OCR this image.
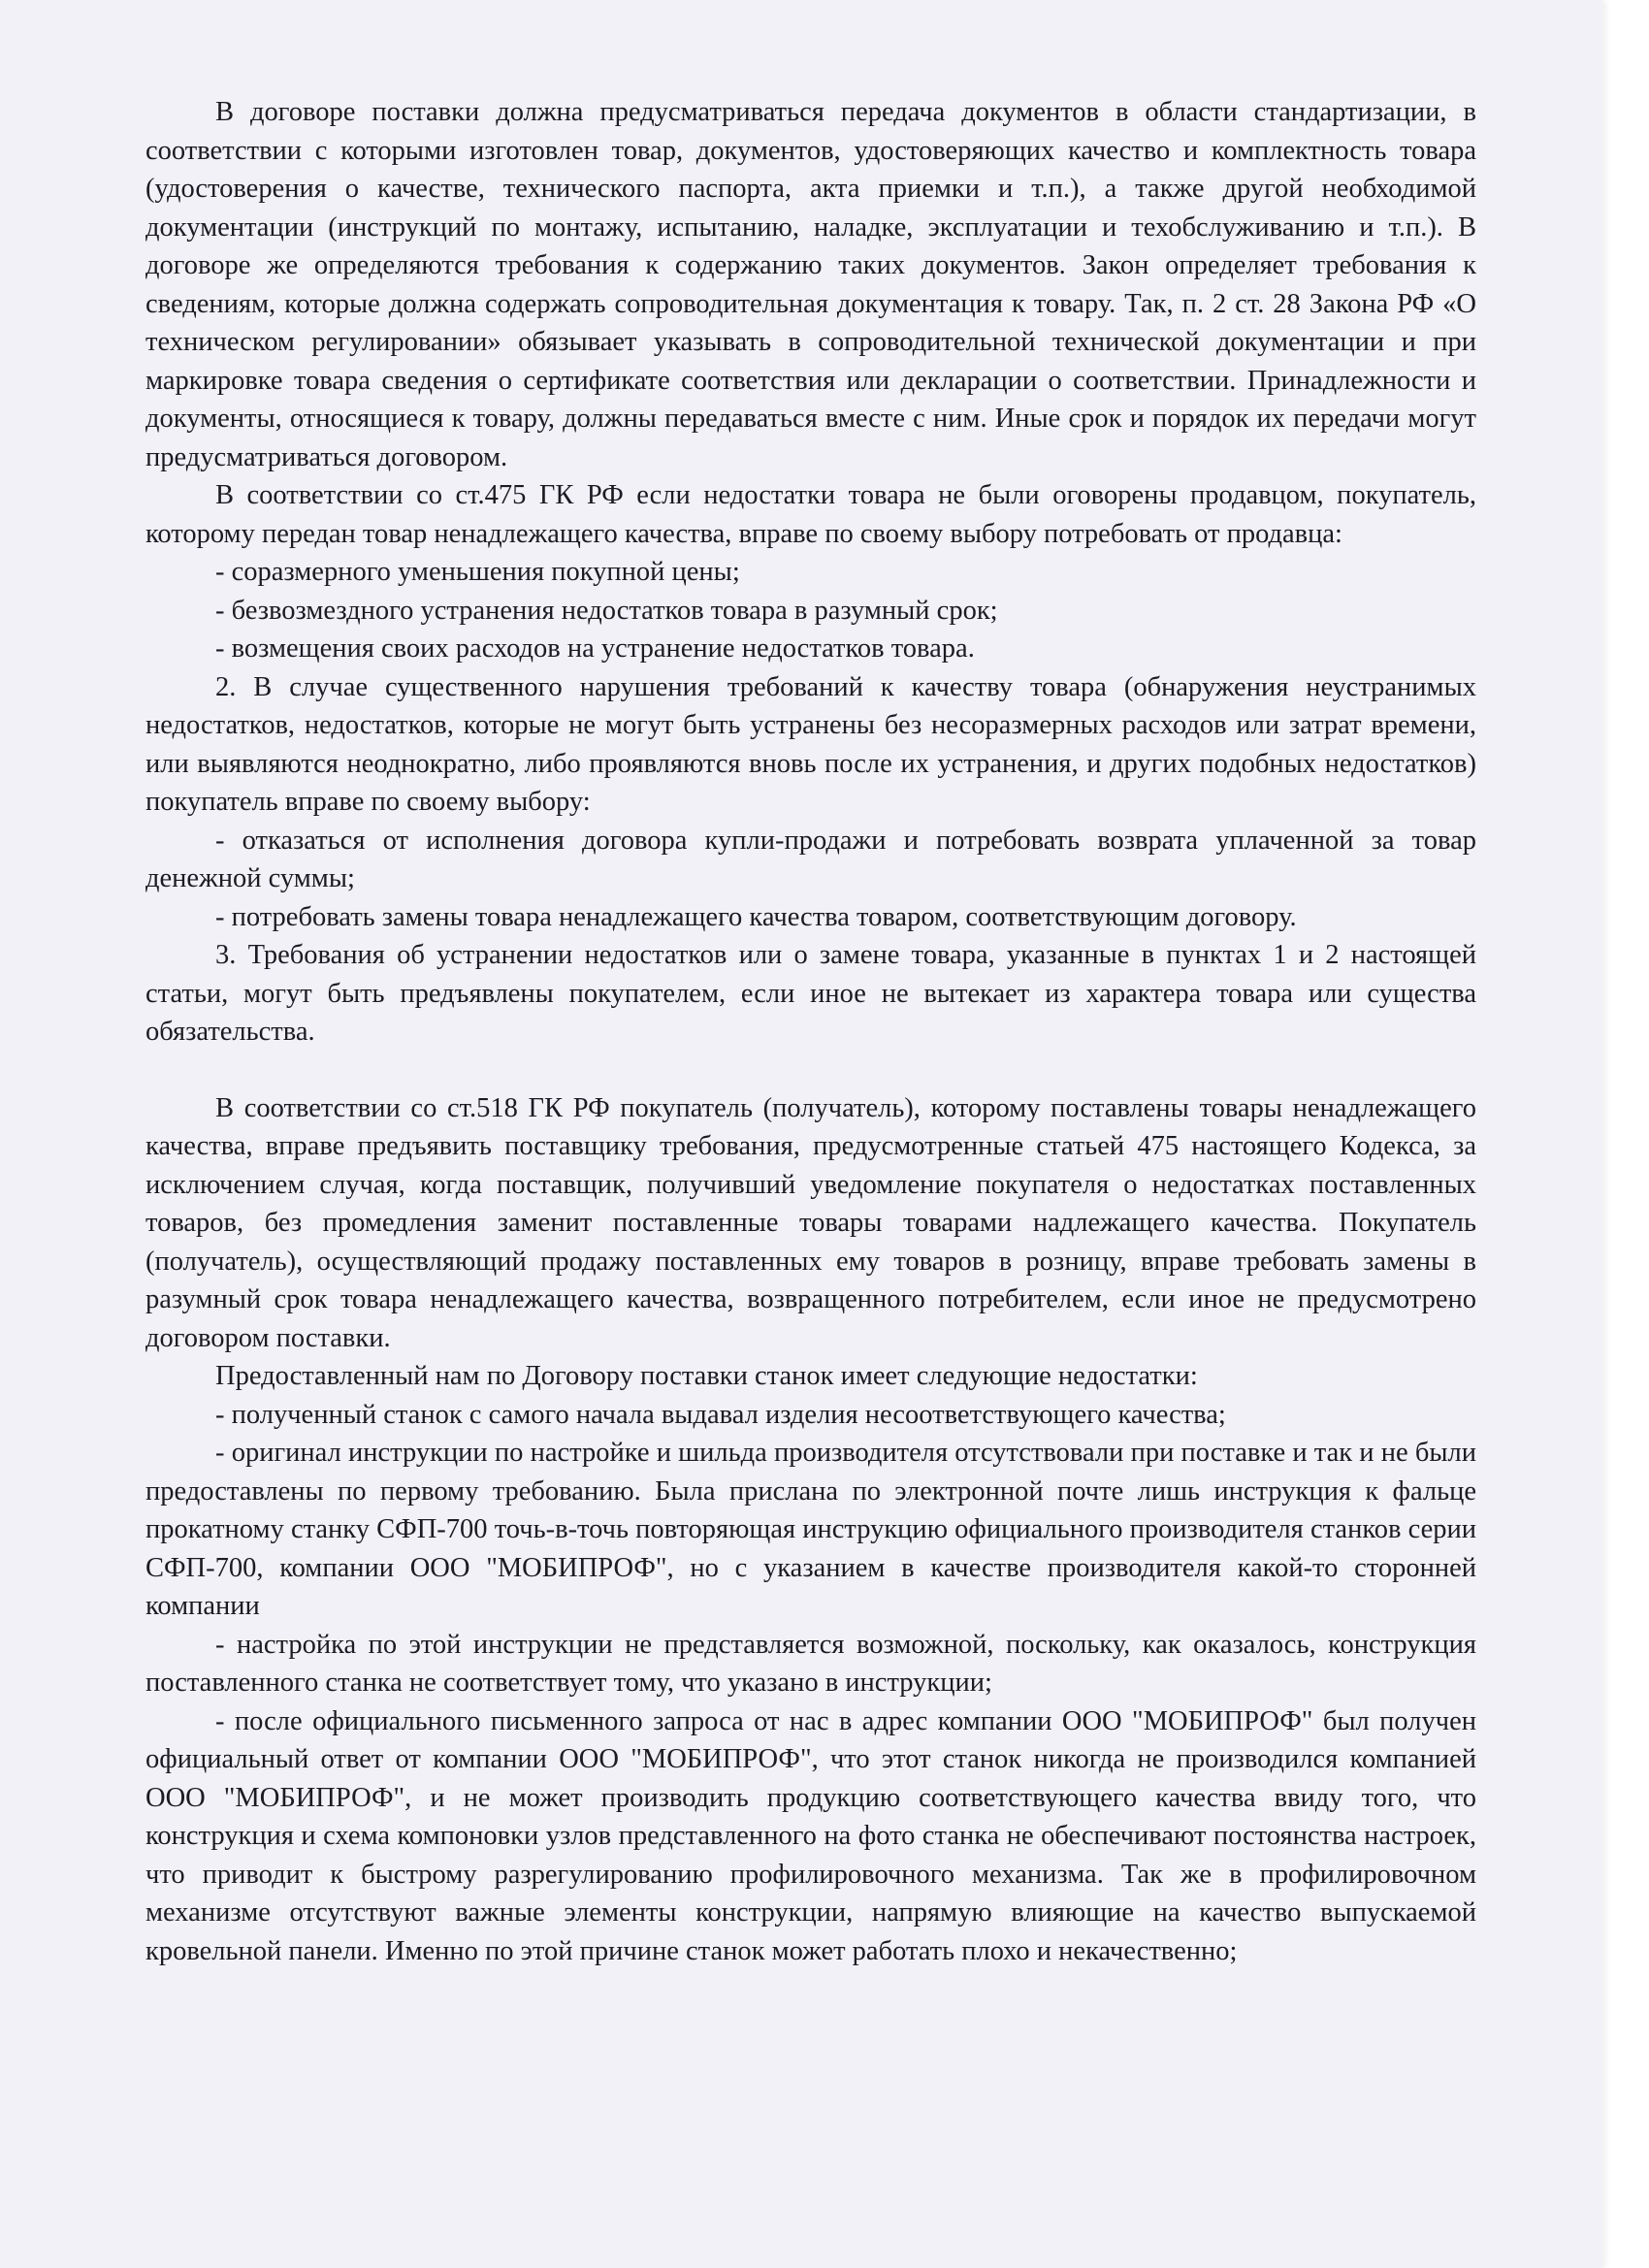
В договоре поставки должна предусматриваться передача документов в области стандартизации, в соответствии с которыми изготовлен товар, документов, удостоверяющих качество и комплектность товара (удостоверения о качестве, технического паспорта, акта приемки и т.п.), а также другой необходимой документации (инструкций по монтажу, испытанию, наладке, эксплуатации и техобслуживанию и т.п.). В договоре же определяются требования к содержанию таких документов. Закон определяет требования к сведениям, которые должна содержать сопроводительная документация к товару. Так, п. 2 ст. 28 Закона РФ «О техническом регулировании» обязывает указывать в сопроводительной технической документации и при маркировке товара сведения о сертификате соответствия или декларации о соответствии. Принадлежности и документы, относящиеся к товару, должны передаваться вместе с ним. Иные срок и порядок их передачи могут предусматриваться договором.

В соответствии со ст.475 ГК РФ если недостатки товара не были оговорены продавцом, покупатель, которому передан товар ненадлежащего качества, вправе по своему выбору потребовать от продавца:

- соразмерного уменьшения покупной цены;

- безвозмездного устранения недостатков товара в разумный срок;

- возмещения своих расходов на устранение недостатков товара.

2. В случае существенного нарушения требований к качеству товара (обнаружения неустранимых недостатков, недостатков, которые не могут быть устранены без несоразмерных расходов или затрат времени, или выявляются неоднократно, либо проявляются вновь после их устранения, и других подобных недостатков) покупатель вправе по своему выбору:

- отказаться от исполнения договора купли-продажи и потребовать возврата уплаченной за товар денежной суммы;

- потребовать замены товара ненадлежащего качества товаром, соответствующим договору.

3. Требования об устранении недостатков или о замене товара, указанные в пунктах 1 и 2 настоящей статьи, могут быть предъявлены покупателем, если иное не вытекает из характера товара или существа обязательства.

В соответствии со ст.518 ГК РФ покупатель (получатель), которому поставлены товары ненадлежащего качества, вправе предъявить поставщику требования, предусмотренные статьей 475 настоящего Кодекса, за исключением случая, когда поставщик, получивший уведомление покупателя о недостатках поставленных товаров, без промедления заменит поставленные товары товарами надлежащего качества. Покупатель (получатель), осуществляющий продажу поставленных ему товаров в розницу, вправе требовать замены в разумный срок товара ненадлежащего качества, возвращенного потребителем, если иное не предусмотрено договором поставки.

Предоставленный нам по Договору поставки станок имеет следующие недостатки:

- полученный станок с самого начала выдавал изделия несоответствующего качества;

- оригинал инструкции по настройке и шильда производителя отсутствовали при поставке и так и не были предоставлены по первому требованию. Была прислана по электронной почте лишь инструкция к фальце прокатному станку СФП-700 точь-в-точь повторяющая инструкцию официального производителя станков серии СФП-700, компании ООО "МОБИПРОФ", но с указанием в качестве производителя какой-то сторонней компании

- настройка по этой инструкции не представляется возможной, поскольку, как оказалось, конструкция поставленного станка не соответствует тому, что указано в инструкции;

- после официального письменного запроса от нас в адрес компании ООО "МОБИПРОФ" был получен официальный ответ от компании ООО "МОБИПРОФ", что этот станок никогда не производился компанией ООО "МОБИПРОФ", и не может производить продукцию соответствующего качества ввиду того, что конструкция и схема компоновки узлов представленного на фото станка не обеспечивают постоянства настроек, что приводит к быстрому разрегулированию профилировочного механизма. Так же в профилировочном механизме отсутствуют важные элементы конструкции, напрямую влияющие на качество выпускаемой кровельной панели. Именно по этой причине станок может работать плохо и некачественно;
